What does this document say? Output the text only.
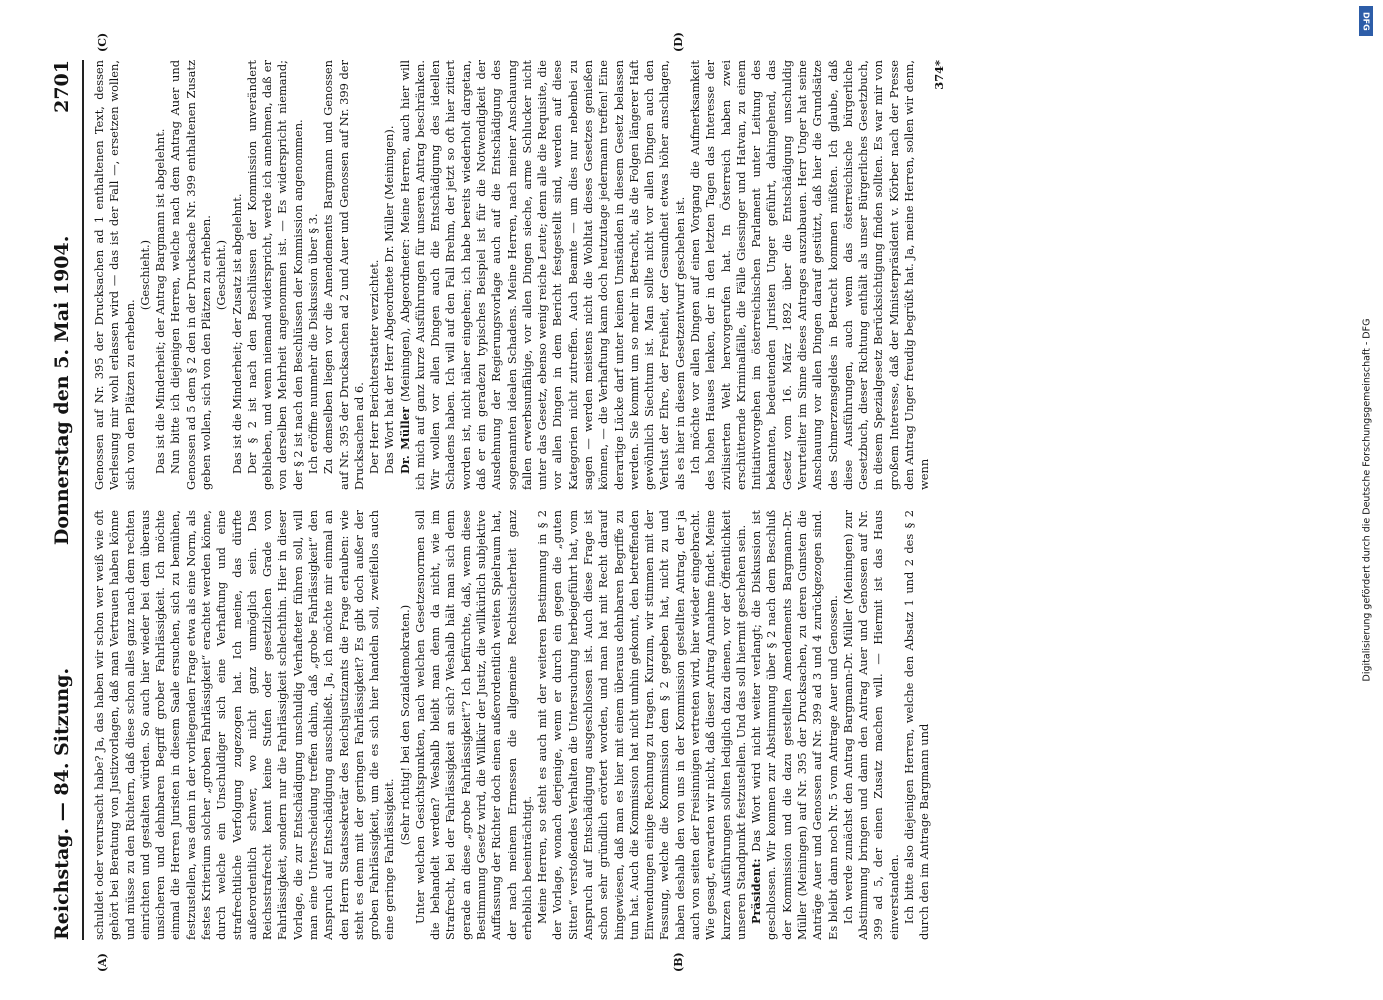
Reichstag. — 84. Sitzung.
Donnerstag den 5. Mai 1904.
2701
(A)	(B)
(C)	(D)

schuldet oder verursacht habe? Ja, das haben wir schon wer weiß wie oft gehört bei Beratung von Justizvorlagen, daß man Vertrauen haben könne und müsse zu den Richtern, daß diese schon alles ganz nach dem rechten einrichten und gestalten würden. So auch hier wieder bei dem überaus unsicheren und dehnbaren Begriff grober Fahrlässigkeit. Ich möchte einmal die Herren Juristen in diesem Saale ersuchen, sich zu bemühen, festzustellen, was denn in der vorliegenden Frage etwa als eine Norm, als festes Kriterium solcher „groben Fahrlässigkeit“ erachtet werden könne, durch welche ein Unschuldiger sich eine Verhaftung und eine strafrechtliche Verfolgung zugezogen hat. Ich meine, das dürfte außerordentlich schwer, wo nicht ganz unmöglich sein. Das Reichsstrafrecht kennt keine Stufen oder gesetzlichen Grade von Fahrlässigkeit, sondern nur die Fahrlässigkeit schlechthin. Hier in dieser Vorlage, die zur Entschädigung unschuldig Verhafteter führen soll, will man eine Unterscheidung treffen dahin, daß „grobe Fahrlässigkeit“ den Anspruch auf Entschädigung ausschließt. Ja, ich möchte mir einmal an den Herrn Staatssekretär des Reichsjustizamts die Frage erlauben: wie steht es denn mit der geringen Fahrlässigkeit? Es gibt doch außer der groben Fahrlässigkeit, um die es sich hier handeln soll, zweifellos auch eine geringe Fahrlässigkeit.

(Sehr richtig! bei den Sozialdemokraten.) Unter welchen Gesichtspunkten, nach welchen Gesetzesnormen soll die behandelt werden? Weshalb bleibt man denn da nicht, wie im Strafrecht, bei der Fahrlässigkeit an sich? Weshalb hält man sich denn gerade an diese „grobe Fahrlässigkeit“? Ich befürchte, daß, wenn diese Bestimmung Gesetz wird, die Willkür der Justiz, die willkürlich subjektive Auffassung der Richter doch einen außerordentlich weiten Spielraum hat, der nach meinem Ermessen die allgemeine Rechtssicherheit ganz erheblich beeinträchtigt. Meine Herren, so steht es auch mit der weiteren Bestimmung in § 2 der Vorlage, wonach derjenige, wenn er durch ein gegen die „guten Sitten“ verstoßendes Verhalten die Untersuchung herbeigeführt hat, vom Anspruch auf Entschädigung ausgeschlossen ist. Auch diese Frage ist schon sehr gründlich erörtert worden, und man hat mit Recht darauf hingewiesen, daß man es hier mit einem überaus dehnbaren Begriffe zu tun hat. Auch die Kommission hat nicht umhin gekonnt, den betreffenden Einwendungen einige Rechnung zu tragen. Kurzum, wir stimmen mit der Fassung, welche die Kommission dem § 2 gegeben hat, nicht zu und haben deshalb den von uns in der Kommission gestellten Antrag, der ja auch von seiten der Freisinnigen vertreten wird, hier wieder eingebracht. Wie gesagt, erwarten wir nicht, daß dieser Antrag Annahme findet. Meine kurzen Ausführungen sollten lediglich dazu dienen, vor der Öffentlichkeit unseren Standpunkt festzustellen. Und das soll hiermit geschehen sein. Präsident: Das Wort wird nicht weiter verlangt; die Diskussion ist geschlossen. Wir kommen zur Abstimmung über § 2 nach dem Beschluß der Kommission und die dazu gestellten Amendements Bargmann-Dr. Müller (Meiningen) auf Nr. 395 der Drucksachen, zu deren Gunsten die Anträge Auer und Genossen auf Nr. 399 ad 3 und 4 zurückgezogen sind. Es bleibt dann noch Nr. 5 vom Antrage Auer und Genossen. Ich werde zunächst den Antrag Bargmann-Dr. Müller (Meiningen) zur Abstimmung bringen und dann den Antrag Auer und Genossen auf Nr. 399 ad 5, der einen Zusatz machen will. — Hiermit ist das Haus einverstanden. Ich bitte also diejenigen Herren, welche den Absatz 1 und 2 des § 2 durch den im Antrage Bargmann und

Genossen auf Nr. 395 der Drucksachen ad 1 enthaltenen Text, dessen Verlesung mir wohl erlassen wird — das ist der Fall —, ersetzen wollen, sich von den Plätzen zu erheben.

(Geschieht.) Das ist die Minderheit; der Antrag Bargmann ist abgelehnt. Nun bitte ich diejenigen Herren, welche nach dem Antrag Auer und Genossen ad 5 dem § 2 den in der Drucksache Nr. 399 enthaltenen Zusatz geben wollen, sich von den Plätzen zu erheben. (Geschieht.) Das ist die Minderheit; der Zusatz ist abgelehnt. Der § 2 ist nach den Beschlüssen der Kommission unverändert geblieben, und wenn niemand widerspricht, werde ich annehmen, daß er von derselben Mehrheit angenommen ist. — Es widerspricht niemand; der § 2 ist nach den Beschlüssen der Kommission angenommen. Ich eröffne nunmehr die Diskussion über § 3. Zu demselben liegen vor die Amendements Bargmann und Genossen auf Nr. 395 der Drucksachen ad 2 und Auer und Genossen auf Nr. 399 der Drucksachen ad 6. Der Herr Berichterstatter verzichtet. Das Wort hat der Herr Abgeordnete Dr. Müller (Meiningen). Dr. Müller (Meiningen), Abgeordneter: Meine Herren, auch hier will ich mich auf ganz kurze Ausführungen für unseren Antrag beschränken. Wir wollen vor allen Dingen auch die Entschädigung des ideellen Schadens haben. Ich will auf den Fall Brehm, der jetzt so oft hier zitiert worden ist, nicht näher eingehen; ich habe bereits wiederholt dargetan, daß er ein geradezu typisches Beispiel ist für die Notwendigkeit der Ausdehnung der Regierungsvorlage auch auf die Entschädigung des sogenannten idealen Schadens. Meine Herren, nach meiner Anschauung fallen erwerbsunfähige, vor allen Dingen sieche, arme Schlucker nicht unter das Gesetz, ebenso wenig reiche Leute; denn alle die Requisite, die vor allen Dingen in dem Bericht festgestellt sind, werden auf diese Kategorien nicht zutreffen. Auch Beamte — um dies nur nebenbei zu sagen — werden meistens nicht die Wohltat dieses Gesetzes genießen können, — die Verhaftung kann doch heutzutage jedermann treffen! Eine derartige Lücke darf unter keinen Umständen in diesem Gesetz belassen werden. Sie kommt um so mehr in Betracht, als die Folgen längerer Haft gewöhnlich Siechtum ist. Man sollte nicht vor allen Dingen auch den Verlust der Ehre, der Freiheit, der Gesundheit etwas höher anschlagen, als es hier in diesem Gesetzentwurf geschehen ist. Ich möchte vor allen Dingen auf einen Vorgang die Aufmerksamkeit des hohen Hauses lenken, der in den letzten Tagen das Interesse der zivilisierten Welt hervorgerufen hat. In Österreich haben zwei erschütternde Kriminalfälle, die Fälle Giessinger und Hatvan, zu einem Initiativvorgehen im österreichischen Parlament unter Leitung des bekannten, bedeutenden Juristen Unger geführt, dahingehend, das Gesetz vom 16. März 1892 über die Entschädigung unschuldig Verurteilter im Sinne dieses Antrages auszubauen. Herr Unger hat seine Anschauung vor allen Dingen darauf gestützt, daß hier die Grundsätze des Schmerzensgeldes in Betracht kommen müßten. Ich glaube, daß diese Ausführungen, auch wenn das österreichische bürgerliche Gesetzbuch, dieser Richtung enthält als unser Bürgerliches Gesetzbuch, in diesem Spezialgesetz Berücksichtigung finden sollten. Es war mir von großem Interesse, daß der Ministerpräsident v. Körber nach der Presse den Antrag Unger freudig begrüßt hat. Ja, meine Herren, sollen wir denn, wenn

374*

Digitalisierung gefördert durch die Deutsche Forschungsgemeinschaft - DFG
DFG
